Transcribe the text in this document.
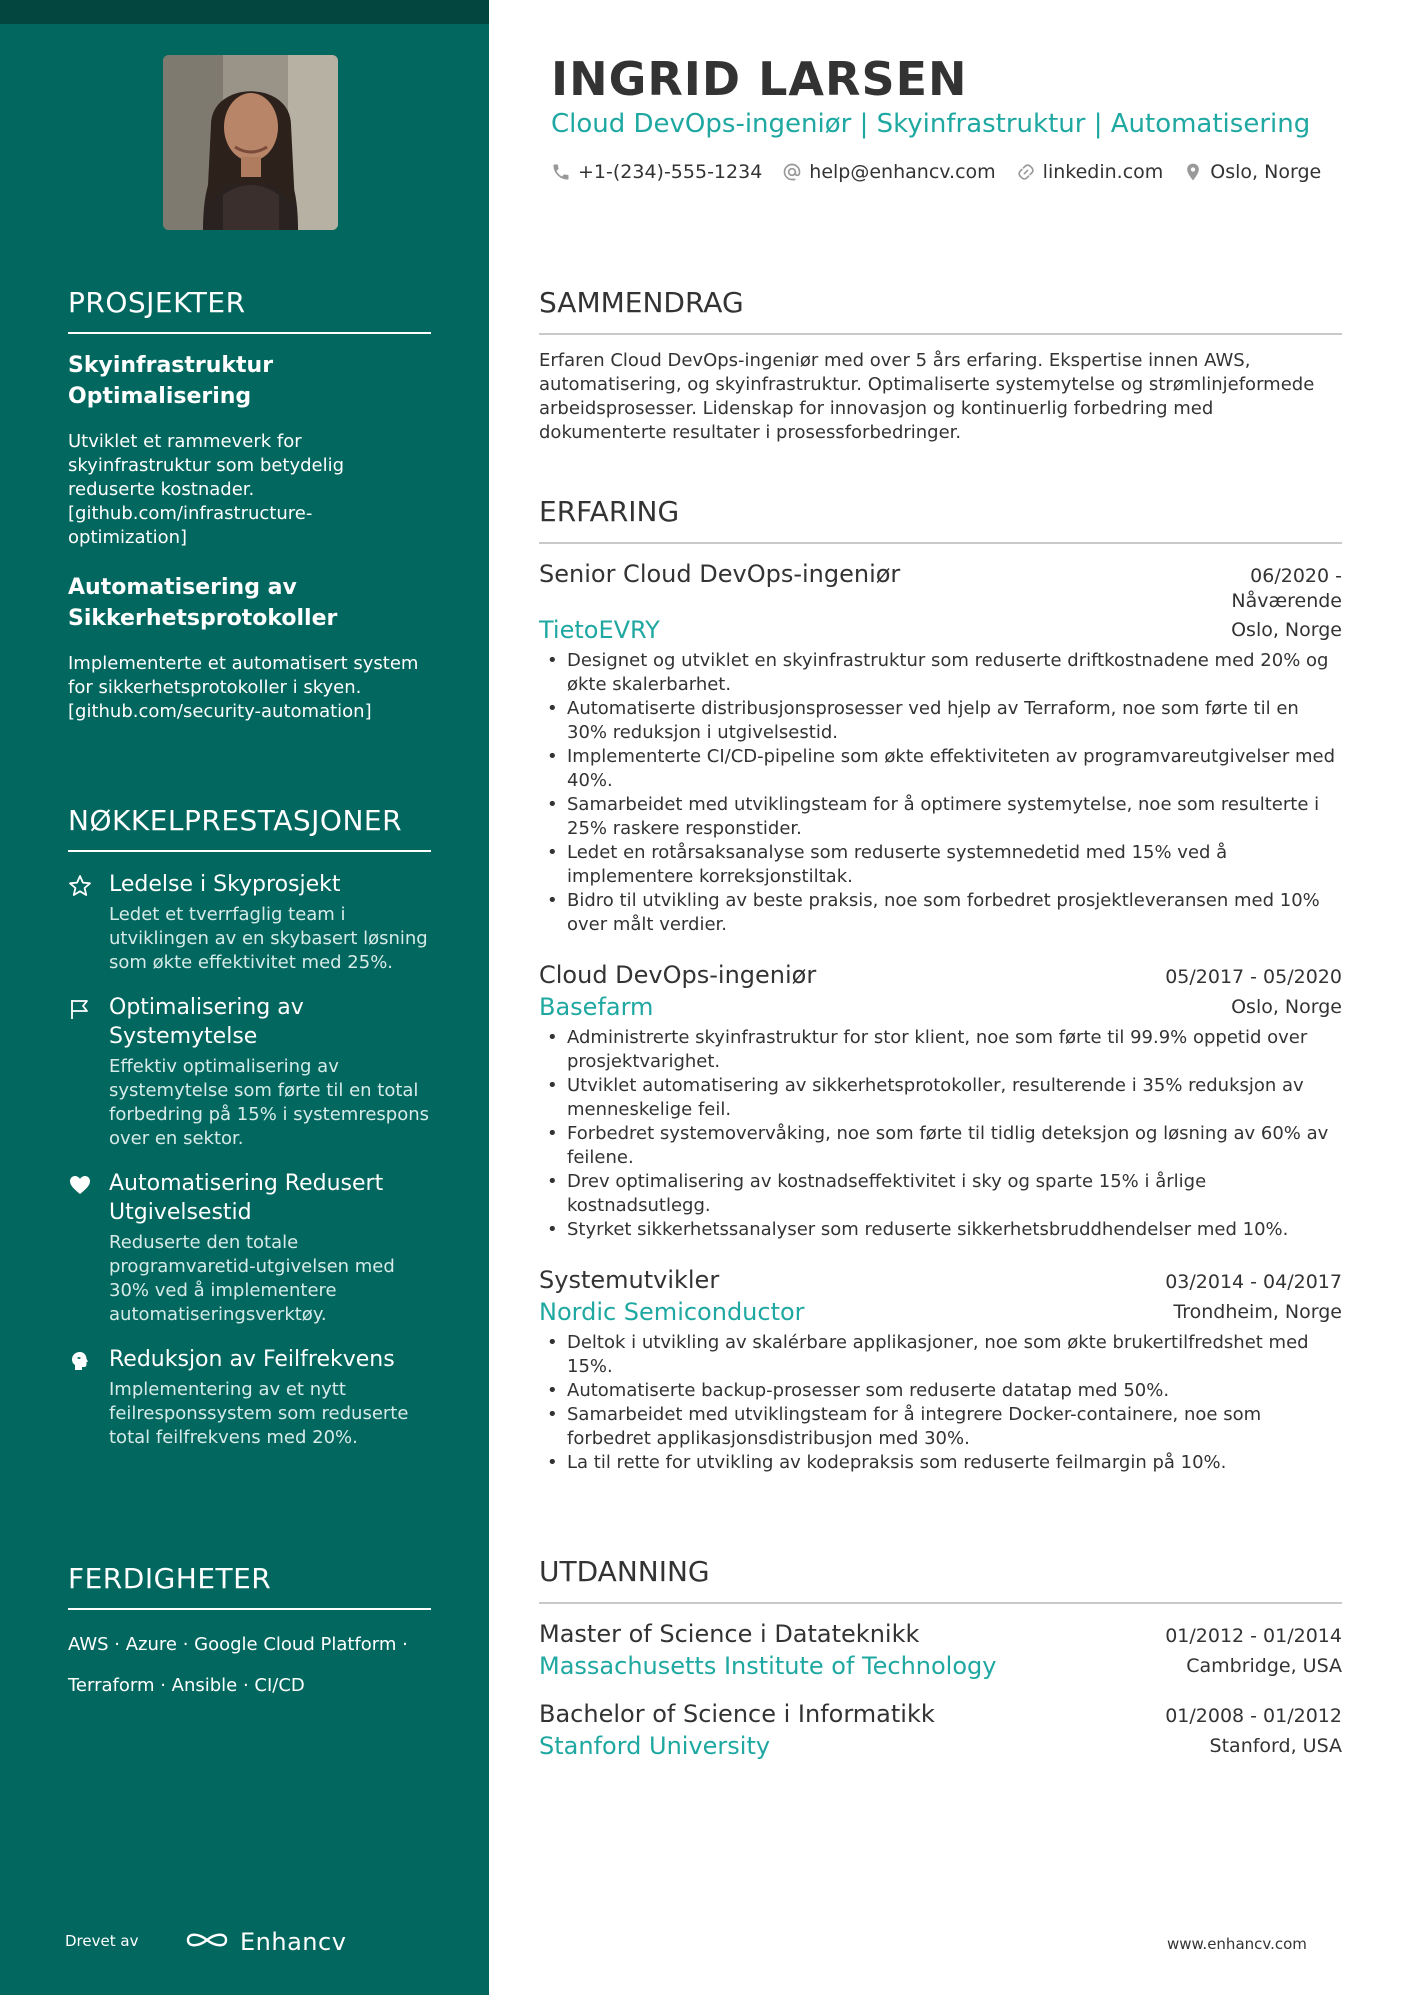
PROSJEKTER
Skyinfrastruktur Optimalisering
Utviklet et rammeverk for skyinfrastruktur som betydelig reduserte kostnader. [github.com/infrastructure-optimization]
Automatisering av Sikkerhetsprotokoller
Implementerte et automatisert system for sikkerhetsprotokoller i skyen. [github.com/security-automation]
NØKKELPRESTASJONER
Ledelse i Skyprosjekt
Ledet et tverrfaglig team i utviklingen av en skybasert løsning som økte effektivitet med 25%.
Optimalisering av Systemytelse
Effektiv optimalisering av systemytelse som førte til en total forbedring på 15% i systemrespons over en sektor.
Automatisering Redusert Utgivelsestid
Reduserte den totale programvaretid-utgivelsen med 30% ved å implementere automatiseringsverktøy.
Reduksjon av Feilfrekvens
Implementering av et nytt feilresponssystem som reduserte total feilfrekvens med 20%.
FERDIGHETER
AWS · Azure · Google Cloud Platform ·
Terraform · Ansible · CI/CD
Drevet av	Enhancv
INGRID LARSEN
Cloud DevOps-ingeniør | Skyinfrastruktur | Automatisering
+1-(234)-555-1234 help@enhancv.com linkedin.com Oslo, Norge
SAMMENDRAG
Erfaren Cloud DevOps-ingeniør med over 5 års erfaring. Ekspertise innen AWS, automatisering, og skyinfrastruktur. Optimaliserte systemytelse og strømlinjeformede arbeidsprosesser. Lidenskap for innovasjon og kontinuerlig forbedring med dokumenterte resultater i prosessforbedringer.
ERFARING
Senior Cloud DevOps-ingeniør	06/2020 - Nåværende
TietoEVRY	Oslo, Norge
• Designet og utviklet en skyinfrastruktur som reduserte driftkostnadene med 20% og økte skalerbarhet.
• Automatiserte distribusjonsprosesser ved hjelp av Terraform, noe som førte til en 30% reduksjon i utgivelsestid.
• Implementerte CI/CD-pipeline som økte effektiviteten av programvareutgivelser med 40%.
• Samarbeidet med utviklingsteam for å optimere systemytelse, noe som resulterte i 25% raskere responstider.
• Ledet en rotårsaksanalyse som reduserte systemnedetid med 15% ved å implementere korreksjonstiltak.
• Bidro til utvikling av beste praksis, noe som forbedret prosjektleveransen med 10% over målt verdier.
Cloud DevOps-ingeniør	05/2017 - 05/2020
Basefarm	Oslo, Norge
• Administrerte skyinfrastruktur for stor klient, noe som førte til 99.9% oppetid over prosjektvarighet.
• Utviklet automatisering av sikkerhetsprotokoller, resulterende i 35% reduksjon av menneskelige feil.
• Forbedret systemovervåking, noe som førte til tidlig deteksjon og løsning av 60% av feilene.
• Drev optimalisering av kostnadseffektivitet i sky og sparte 15% i årlige kostnadsutlegg.
• Styrket sikkerhetssanalyser som reduserte sikkerhetsbruddhendelser med 10%.
Systemutvikler	03/2014 - 04/2017
Nordic Semiconductor	Trondheim, Norge
• Deltok i utvikling av skalérbare applikasjoner, noe som økte brukertilfredshet med 15%.
• Automatiserte backup-prosesser som reduserte datatap med 50%.
• Samarbeidet med utviklingsteam for å integrere Docker-containere, noe som forbedret applikasjonsdistribusjon med 30%.
• La til rette for utvikling av kodepraksis som reduserte feilmargin på 10%.
UTDANNING
Master of Science i Datateknikk	01/2012 - 01/2014
Massachusetts Institute of Technology	Cambridge, USA
Bachelor of Science i Informatikk	01/2008 - 01/2012
Stanford University	Stanford, USA
www.enhancv.com
